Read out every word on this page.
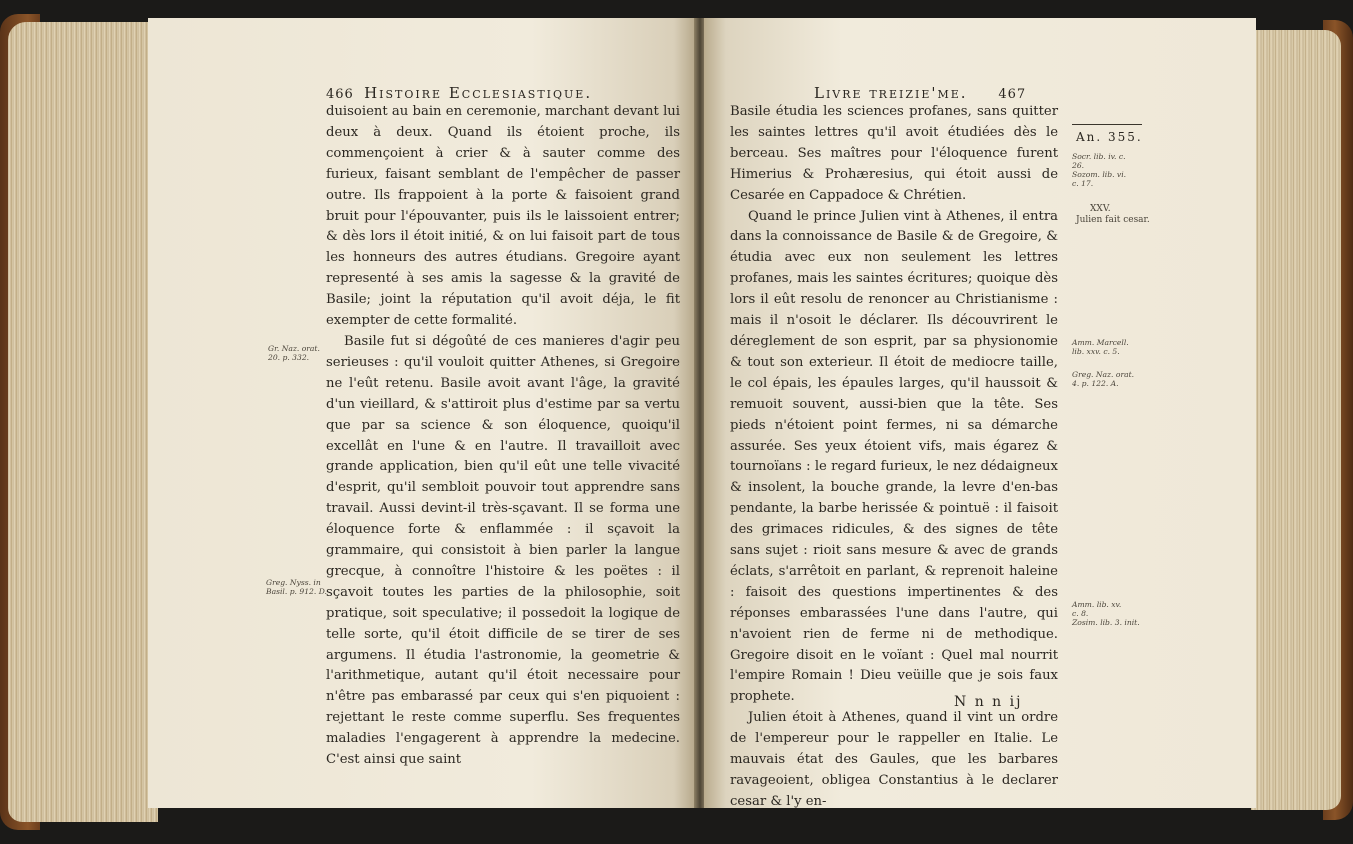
466 Histoire Ecclesiastique.

duisoient au bain en ceremonie, marchant devant lui deux à deux. Quand ils étoient proche, ils commençoient à crier & à sauter comme des furieux, faisant semblant de l'empêcher de passer outre. Ils frappoient à la porte & faisoient grand bruit pour l'épouvanter, puis ils le laissoient entrer; & dès lors il étoit initié, & on lui faisoit part de tous les honneurs des autres étudians. Gregoire ayant representé à ses amis la sagesse & la gravité de Basile; joint la réputation qu'il avoit déja, le fit exempter de cette formalité.

Basile fut si dégoûté de ces manieres d'agir peu serieuses : qu'il vouloit quitter Athenes, si Gregoire ne l'eût retenu. Basile avoit avant l'âge, la gravité d'un vieillard, & s'attiroit plus d'estime par sa vertu que par sa science & son éloquence, quoiqu'il excellât en l'une & en l'autre. Il travailloit avec grande application, bien qu'il eût une telle vivacité d'esprit, qu'il sembloit pouvoir tout apprendre sans travail. Aussi devint-il très-sçavant. Il se forma une éloquence forte & enflammée : il sçavoit la grammaire, qui consistoit à bien parler la langue grecque, à connoître l'histoire & les poëtes : il sçavoit toutes les parties de la philosophie, soit pratique, soit speculative; il possedoit la logique de telle sorte, qu'il étoit difficile de se tirer de ses argumens. Il étudia l'astronomie, la geometrie & l'arithmetique, autant qu'il étoit necessaire pour n'être pas embarassé par ceux qui s'en piquoient : rejettant le reste comme superflu. Ses frequentes maladies l'engagerent à apprendre la medecine. C'est ainsi que saint

Gr. Naz. orat.
20. p. 332.
Greg. Nyss. in
Basil. p. 912. D.
Livre treizie'me. 467
An. 355.

Basile étudia les sciences profanes, sans quitter les saintes lettres qu'il avoit étudiées dès le berceau. Ses maîtres pour l'éloquence furent Himerius & Prohæresius, qui étoit aussi de Cesarée en Cappadoce & Chrétien.

Quand le prince Julien vint à Athenes, il entra dans la connoissance de Basile & de Gregoire, & étudia avec eux non seulement les lettres profanes, mais les saintes écritures; quoique dès lors il eût resolu de renoncer au Christianisme : mais il n'osoit le déclarer. Ils découvrirent le déreglement de son esprit, par sa physionomie & tout son exterieur. Il étoit de mediocre taille, le col épais, les épaules larges, qu'il haussoit & remuoit souvent, aussi-bien que la tête. Ses pieds n'étoient point fermes, ni sa démarche assurée. Ses yeux étoient vifs, mais égarez & tournoïans : le regard furieux, le nez dédaigneux & insolent, la bouche grande, la levre d'en-bas pendante, la barbe herissée & pointuë : il faisoit des grimaces ridicules, & des signes de tête sans sujet : rioit sans mesure & avec de grands éclats, s'arrêtoit en parlant, & reprenoit haleine : faisoit des questions impertinentes & des réponses embarassées l'une dans l'autre, qui n'avoient rien de ferme ni de methodique. Gregoire disoit en le voïant : Quel mal nourrit l'empire Romain ! Dieu veüille que je sois faux prophete.

Julien étoit à Athenes, quand il vint un ordre de l'empereur pour le rappeller en Italie. Le mauvais état des Gaules, que les barbares ravageoient, obligea Constantius à le declarer cesar & l'y en-

N n n ij
Socr. lib. iv. c.
26.
Sozom. lib. vi.
c. 17.
XXV.
Julien fait cesar.
Amm. Marcell.
lib. xxv. c. 5.
Greg. Naz. orat.
4. p. 122. A.
Amm. lib. xv.
c. 8.
Zosim. lib. 3. init.
